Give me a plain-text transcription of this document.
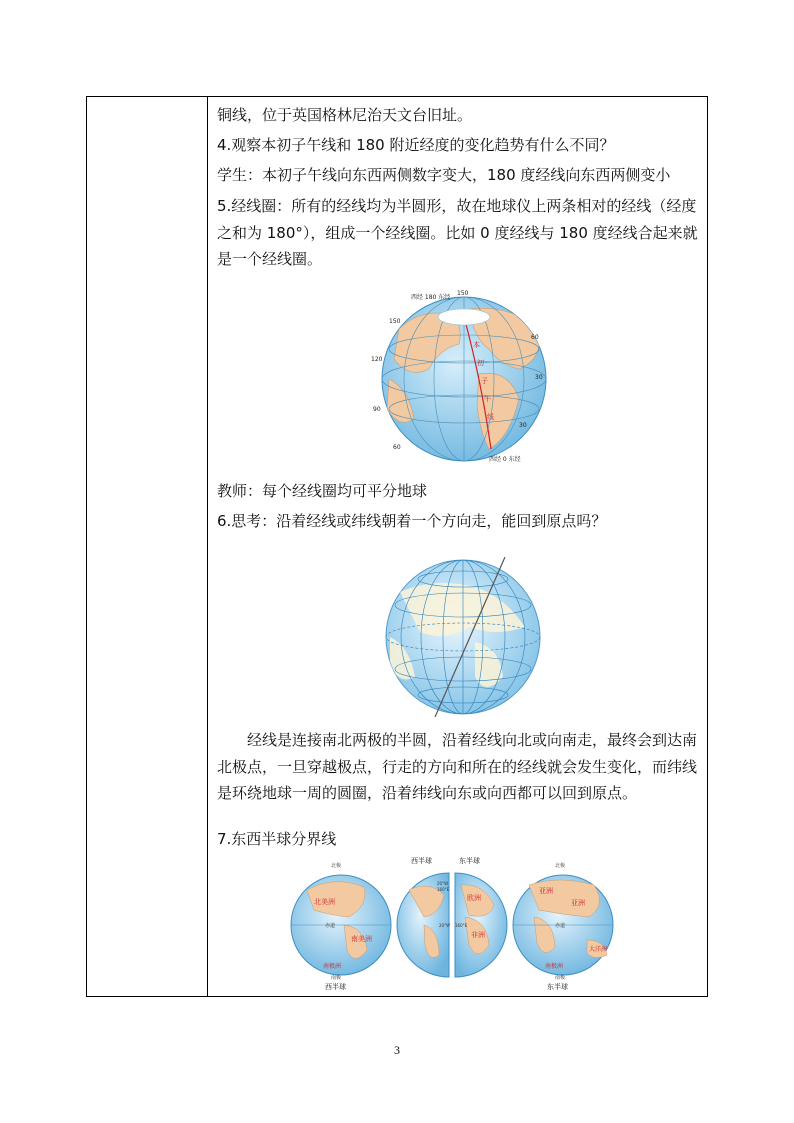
铜线，位于英国格林尼治天文台旧址。
4.观察本初子午线和 180 附近经度的变化趋势有什么不同？
学生：本初子午线向东西两侧数字变大，180 度经线向东西两侧变小
5.经线圈：所有的经线均为半圆形，故在地球仪上两条相对的经线（经度之和为 180°），组成一个经线圈。比如 0 度经线与 180 度经线合起来就是一个经线圈。
西经 180 东经
西经 0 东经
本
初
子
午
线
150
150
120
90
60
30
30
60
教师：每个经线圈均可平分地球
6.思考：沿着经线或纬线朝着一个方向走，能回到原点吗？
经线是连接南北两极的半圆，沿着经线向北或向南走，最终会到达南北极点，一旦穿越极点，行走的方向和所在的经线就会发生变化，而纬线是环绕地球一周的圆圈，沿着纬线向东或向西都可以回到原点。
7.东西半球分界线
北极
北美洲
赤道
南美洲
南极洲
南极
西半球
西半球	东半球
20°W
160°E
20°W 160°E
欧洲
非洲
北极
亚洲
亚洲
赤道
大洋洲
南极洲
南极
东半球
3
